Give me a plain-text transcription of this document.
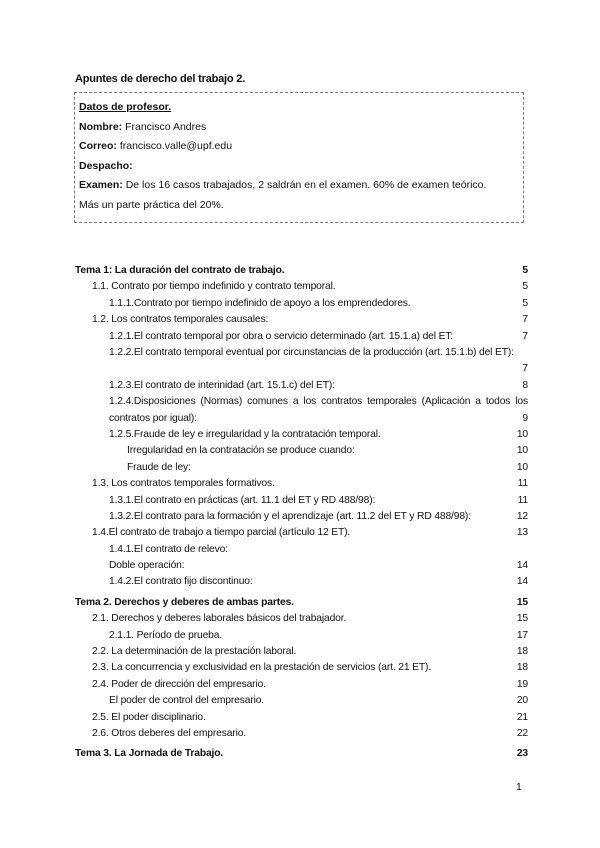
Apuntes de derecho del trabajo 2.
Datos de profesor.
Nombre: Francisco Andres
Correo: francisco.valle@upf.edu
Despacho:
Examen: De los 16 casos trabajados, 2 saldrán en el examen. 60% de examen teórico.
Más un parte práctica del 20%.
Tema 1: La duración del contrato de trabajo.	5
1.1. Contrato por tiempo indefinido y contrato temporal.	5
1.1.1.Contrato por tiempo indefinido de apoyo a los emprendedores.	5
1.2. Los contratos temporales causales:	7
1.2.1.El contrato temporal por obra o servicio determinado (art. 15.1.a) del ET:	7
1.2.2.El contrato temporal eventual por circunstancias de la producción (art. 15.1.b) del ET):
7
1.2.3.El contrato de interinidad (art. 15.1.c) del ET):	8
1.2.4.Disposiciones (Normas) comunes a los contratos temporales (Aplicación a todos los contratos por igual):	9
1.2.5.Fraude de ley e irregularidad y la contratación temporal.	10
Irregularidad en la contratación se produce cuando:	10
Fraude de ley:	10
1.3. Los contratos temporales formativos.	11
1.3.1.El contrato en prácticas (art. 11.1 del ET y RD 488/98):	11
1.3.2.El contrato para la formación y el aprendizaje (art. 11.2 del ET y RD 488/98):	12
1.4.El contrato de trabajo a tiempo parcial (artículo 12 ET).	13
1.4.1.El contrato de relevo:
Doble operación:	14
1.4.2.El contrato fijo discontinuo:	14
Tema 2. Derechos y deberes de ambas partes.	15
2.1. Derechos y deberes laborales básicos del trabajador.	15
2.1.1. Período de prueba.	17
2.2. La determinación de la prestación laboral.	18
2.3. La concurrencia y exclusividad en la prestación de servicios (art. 21 ET).	18
2.4. Poder de dirección del empresario.	19
El poder de control del empresario.	20
2.5. El poder disciplinario.	21
2.6. Otros deberes del empresario.	22
Tema 3. La Jornada de Trabajo.	23
1
